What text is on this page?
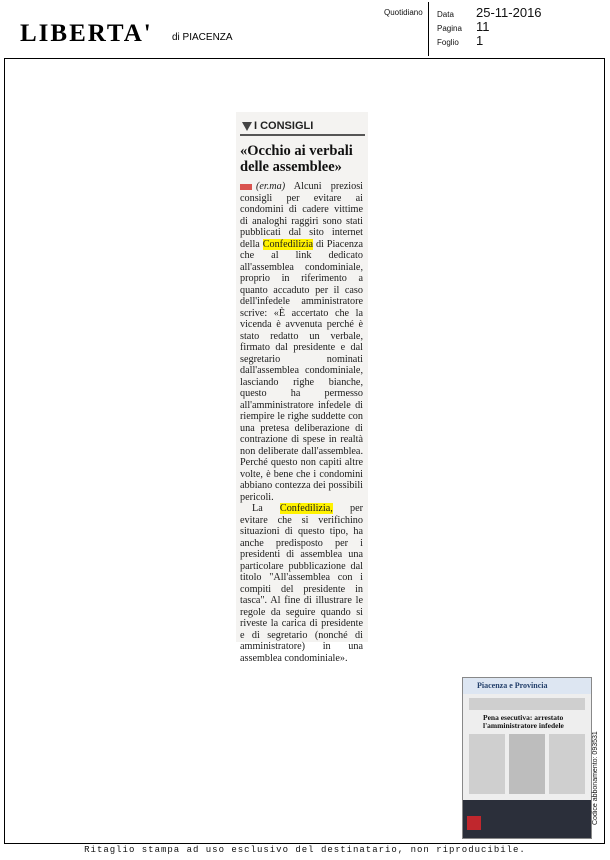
LIBERTA' di PIACENZA
Quotidiano Data 25-11-2016
Pagina 11
Foglio 1
I CONSIGLI
«Occhio ai verbali delle assemblee»

(er.ma) Alcuni preziosi consigli per evitare ai condomini di cadere vittime di analoghi raggiri sono stati pubblicati dal sito internet della Confedilizia di Piacenza che al link dedicato all'assemblea condominiale, proprio in riferimento a quanto accaduto per il caso dell'infedele amministratore scrive: «È accertato che la vicenda è avvenuta perché è stato redatto un verbale, firmato dal presidente e dal segretario nominati dall'assemblea condominiale, lasciando righe bianche, questo ha permesso all'amministratore infedele di riempire le righe suddette con una pretesa deliberazione di contrazione di spese in realtà non deliberate dall'assemblea. Perché questo non capiti altre volte, è bene che i condomini abbiano contezza dei possibili pericoli.

La Confedilizia, per evitare che si verifichino situazioni di questo tipo, ha anche predisposto per i presidenti di assemblea una particolare pubblicazione dal titolo "All'assemblea con i compiti del presidente in tasca". Al fine di illustrare le regole da seguire quando si riveste la carica di presidente e di segretario (nonché di amministratore) in una assemblea condominiale».

Piacenza e Provincia
Pena esecutiva: arrestato l'amministratore infedele
Codice abbonamento: 093531
Ritaglio stampa ad uso esclusivo del destinatario, non riproducibile.
